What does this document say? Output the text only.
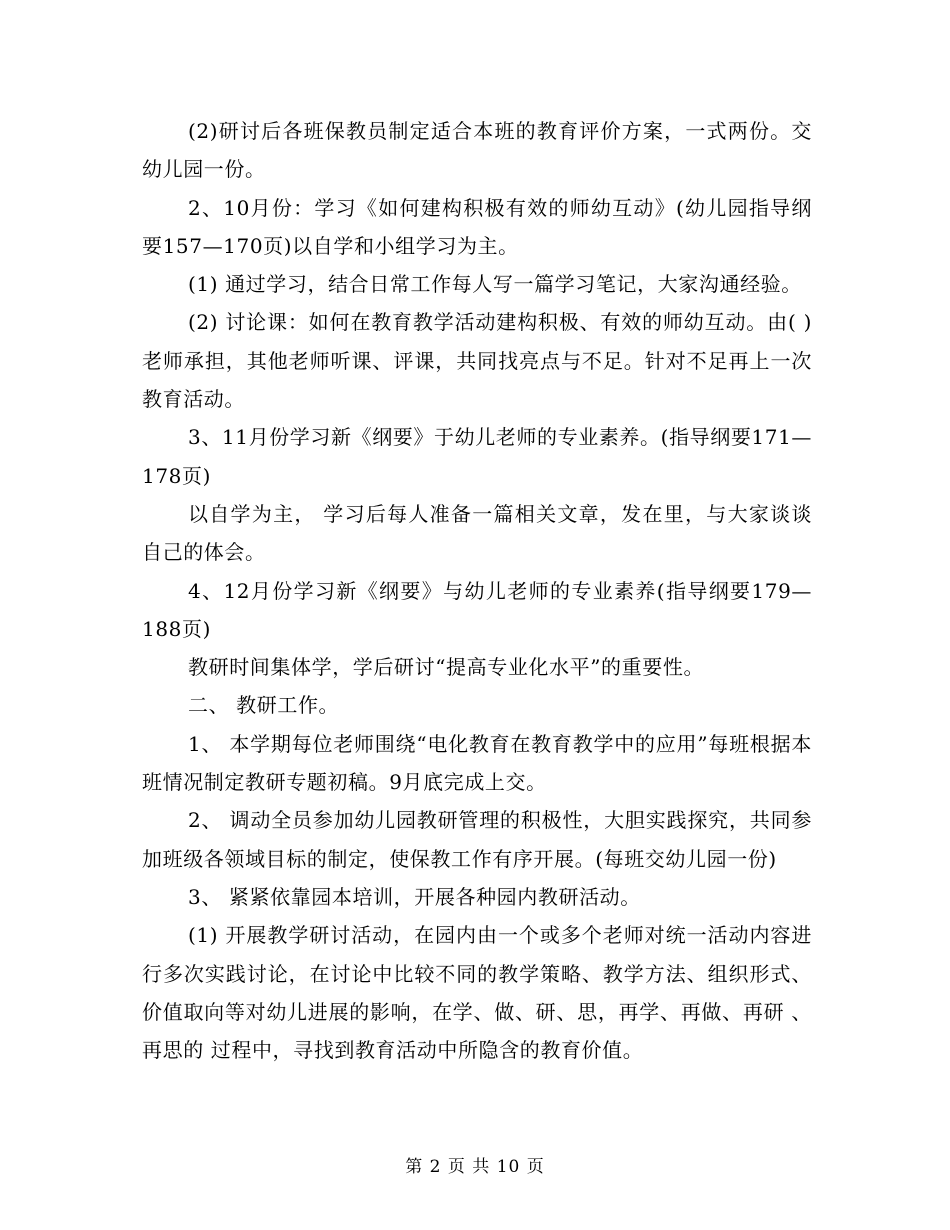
(2)研讨后各班保教员制定适合本班的教育评价方案，一式两份。交幼儿园一份。

2、10月份：学习《如何建构积极有效的师幼互动》(幼儿园指导纲要157—170页)以自学和小组学习为主。

(1) 通过学习，结合日常工作每人写一篇学习笔记，大家沟通经验。

(2) 讨论课：如何在教育教学活动建构积极、有效的师幼互动。由( )老师承担，其他老师听课、评课，共同找亮点与不足。针对不足再上一次教育活动。

3、11月份学习新《纲要》于幼儿老师的专业素养。(指导纲要171—178页)

以自学为主， 学习后每人准备一篇相关文章，发在里，与大家谈谈自己的体会。

4、12月份学习新《纲要》与幼儿老师的专业素养(指导纲要179—188页)

教研时间集体学，学后研讨“提高专业化水平”的重要性。

二、 教研工作。

1、 本学期每位老师围绕“电化教育在教育教学中的应用”每班根据本班情况制定教研专题初稿。9月底完成上交。

2、 调动全员参加幼儿园教研管理的积极性，大胆实践探究，共同参加班级各领域目标的制定，使保教工作有序开展。(每班交幼儿园一份)

3、 紧紧依靠园本培训，开展各种园内教研活动。

(1) 开展教学研讨活动，在园内由一个或多个老师对统一活动内容进行多次实践讨论，在讨论中比较不同的教学策略、教学方法、组织形式、价值取向等对幼儿进展的影响，在学、做、研、思，再学、再做、再研 、再思的 过程中，寻找到教育活动中所隐含的教育价值。

第 2 页 共 10 页
